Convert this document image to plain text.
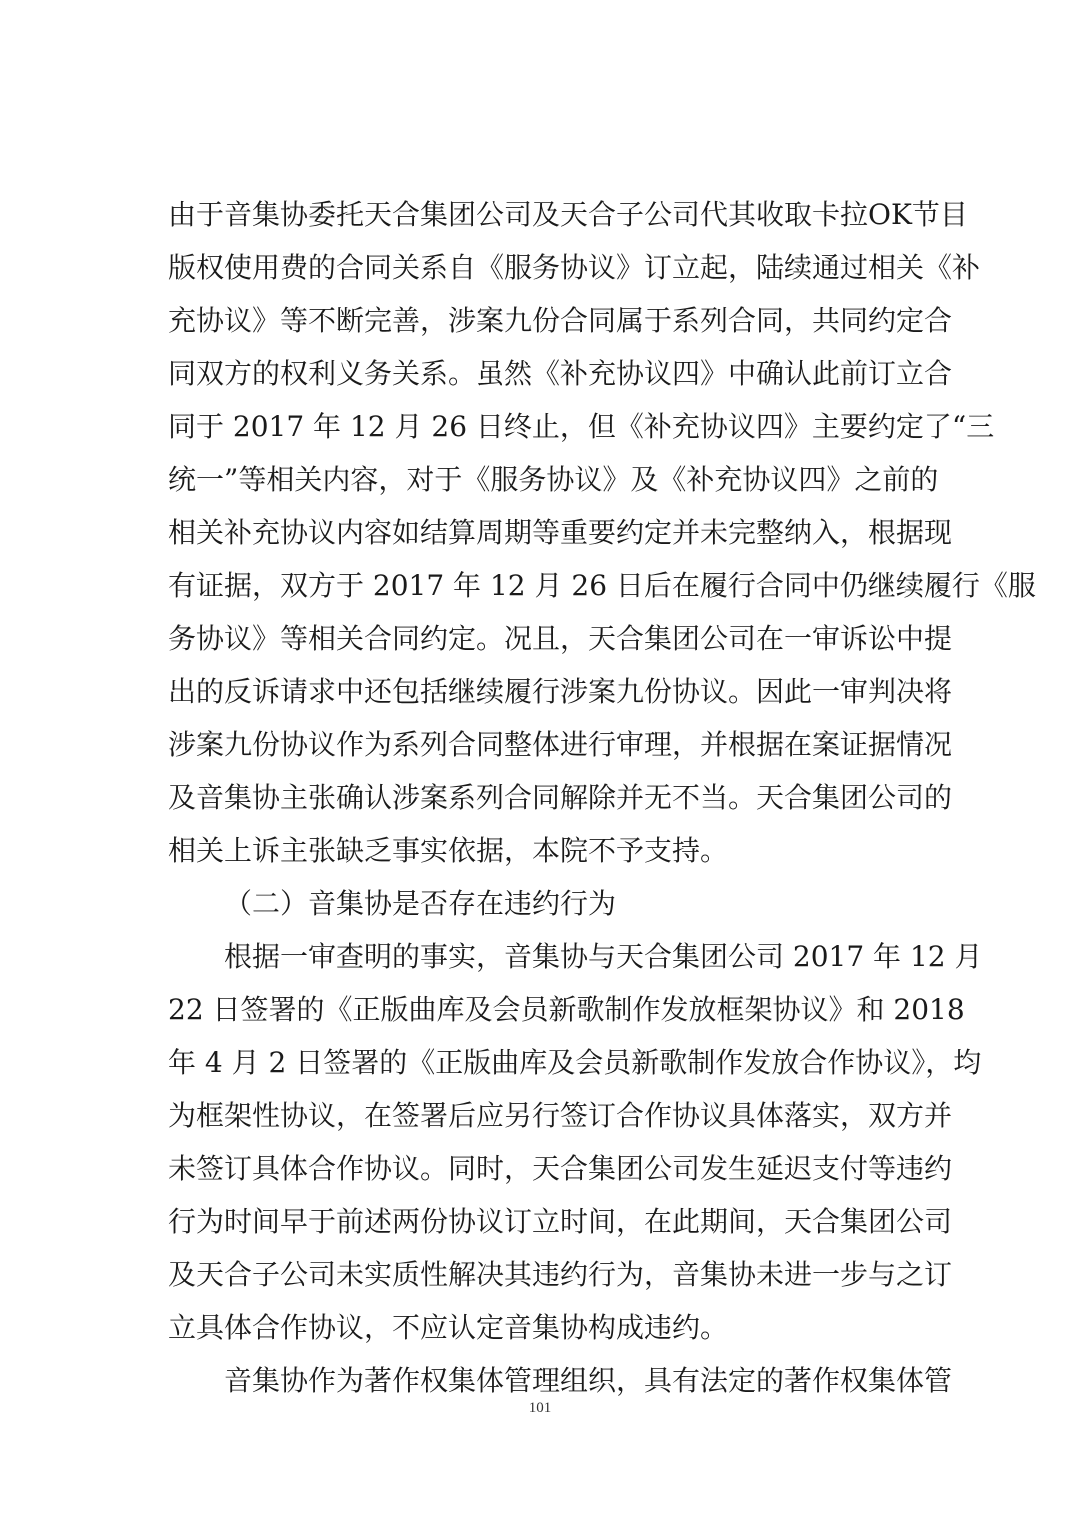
由于音集协委托天合集团公司及天合子公司代其收取卡拉OK节目
版权使用费的合同关系自《服务协议》订立起，陆续通过相关《补
充协议》等不断完善，涉案九份合同属于系列合同，共同约定合
同双方的权利义务关系。虽然《补充协议四》中确认此前订立合
同于 2017 年 12 月 26 日终止，但《补充协议四》主要约定了“三
统一”等相关内容，对于《服务协议》及《补充协议四》之前的
相关补充协议内容如结算周期等重要约定并未完整纳入，根据现
有证据，双方于 2017 年 12 月 26 日后在履行合同中仍继续履行《服
务协议》等相关合同约定。况且，天合集团公司在一审诉讼中提
出的反诉请求中还包括继续履行涉案九份协议。因此一审判决将
涉案九份协议作为系列合同整体进行审理，并根据在案证据情况
及音集协主张确认涉案系列合同解除并无不当。天合集团公司的
相关上诉主张缺乏事实依据，本院不予支持。
（二）音集协是否存在违约行为
根据一审查明的事实，音集协与天合集团公司 2017 年 12 月
22 日签署的《正版曲库及会员新歌制作发放框架协议》和 2018
年 4 月 2 日签署的《正版曲库及会员新歌制作发放合作协议》，均
为框架性协议，在签署后应另行签订合作协议具体落实，双方并
未签订具体合作协议。同时，天合集团公司发生延迟支付等违约
行为时间早于前述两份协议订立时间，在此期间，天合集团公司
及天合子公司未实质性解决其违约行为，音集协未进一步与之订
立具体合作协议，不应认定音集协构成违约。
音集协作为著作权集体管理组织，具有法定的著作权集体管
101
